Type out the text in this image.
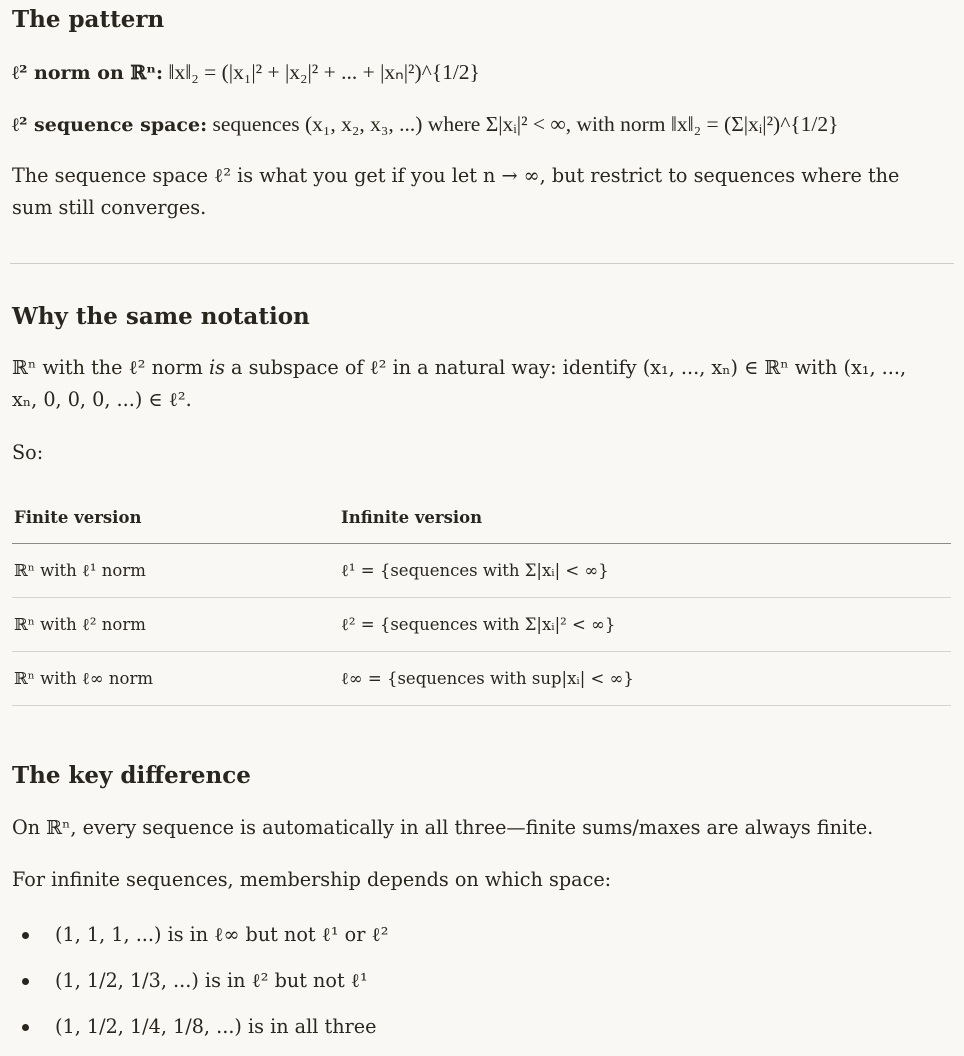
The pattern

ℓ² norm on ℝⁿ: ‖x‖₂ = (|x₁|² + |x₂|² + ... + |xₙ|²)^{1/2}

ℓ² sequence space: sequences (x₁, x₂, x₃, ...) where Σ|xᵢ|² < ∞, with norm ‖x‖₂ = (Σ|xᵢ|²)^{1/2}

The sequence space ℓ² is what you get if you let n → ∞, but restrict to sequences where the sum still converges.

Why the same notation

ℝⁿ with the ℓ² norm is a subspace of ℓ² in a natural way: identify (x₁, ..., xₙ) ∈ ℝⁿ with (x₁, ..., xₙ, 0, 0, 0, ...) ∈ ℓ².

So:

Finite version	Infinite version
ℝⁿ with ℓ¹ norm	ℓ¹ = {sequences with Σ|xᵢ| < ∞}
ℝⁿ with ℓ² norm	ℓ² = {sequences with Σ|xᵢ|² < ∞}
ℝⁿ with ℓ∞ norm	ℓ∞ = {sequences with sup|xᵢ| < ∞}
The key difference

On ℝⁿ, every sequence is automatically in all three—finite sums/maxes are always finite.

For infinite sequences, membership depends on which space:

(1, 1, 1, ...) is in ℓ∞ but not ℓ¹ or ℓ²
(1, 1/2, 1/3, ...) is in ℓ² but not ℓ¹
(1, 1/2, 1/4, 1/8, ...) is in all three
